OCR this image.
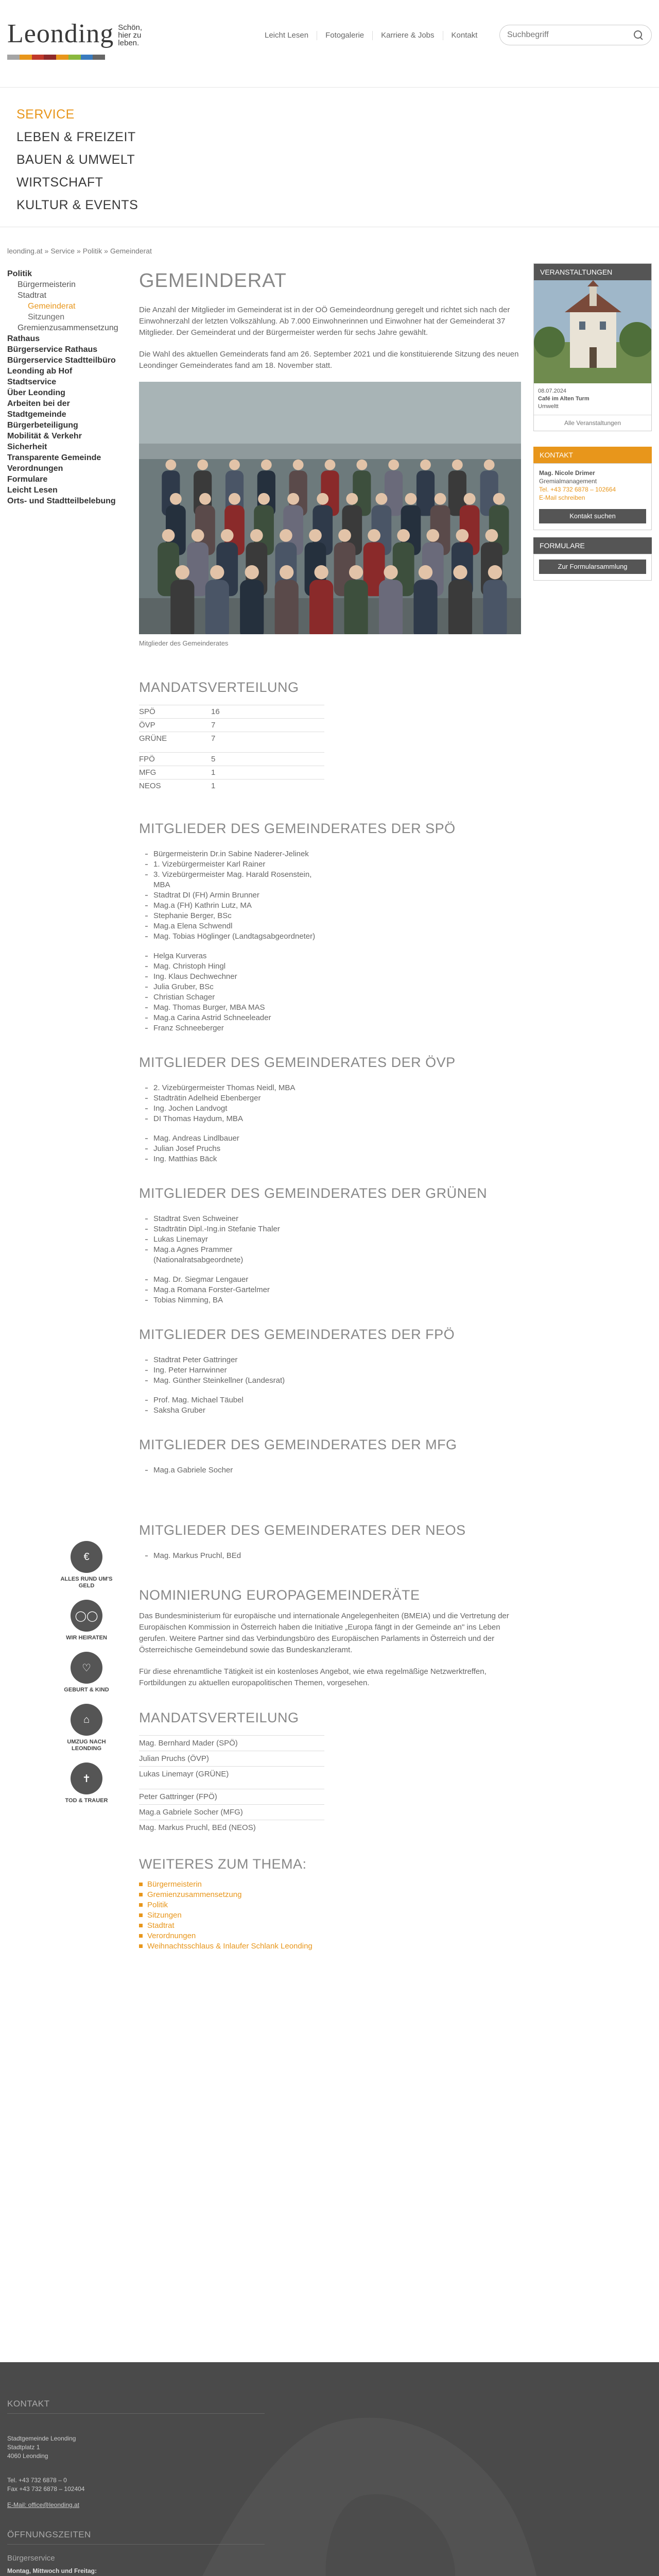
Leonding Schön,
hier zu
leben.
Leicht Lesen	Fotogalerie	Karriere & Jobs	Kontakt
Suchbegriff
SERVICE
LEBEN & FREIZEIT
BAUEN & UMWELT
WIRTSCHAFT
KULTUR & EVENTS
leonding.at » Service » Politik » Gemeinderat
Politik
Bürgermeisterin
Stadtrat
Gemeinderat
Sitzungen
Gremienzusammensetzung
Rathaus
Bürgerservice Rathaus
Bürgerservice Stadtteilbüro
Leonding ab Hof
Stadtservice
Über Leonding
Arbeiten bei der Stadtgemeinde
Bürgerbeteiligung
Mobilität & Verkehr
Sicherheit
Transparente Gemeinde
Verordnungen
Formulare
Leicht Lesen
Orts- und Stadtteilbelebung
€
ALLES RUND UM'S GELD
◯◯
WIR HEIRATEN
♡
GEBURT & KIND
⌂
UMZUG NACH LEONDING
✝
TOD & TRAUER
GEMEINDERAT

Die Anzahl der Mitglieder im Gemeinderat ist in der OÖ Gemeindeordnung geregelt und richtet sich nach der Einwohnerzahl der letzten Volkszählung. Ab 7.000 Einwohnerinnen und Einwohner hat der Gemeinderat 37 Mitglieder. Der Gemeinderat und der Bürgermeister werden für sechs Jahre gewählt.

Die Wahl des aktuellen Gemeinderats fand am 26. September 2021 und die konstituierende Sitzung des neuen Leondinger Gemeinderates fand am 18. November statt.

Mitglieder des Gemeinderates
MANDATSVERTEILUNG
SPÖ	16
ÖVP	7
GRÜNE	7
FPÖ	5
MFG	1
NEOS	1
MITGLIEDER DES GEMEINDERATES DER SPÖ
Bürgermeisterin Dr.in Sabine Naderer-Jelinek
1. Vizebürgermeister Karl Rainer
3. Vizebürgermeister Mag. Harald Rosenstein, MBA
Stadtrat DI (FH) Armin Brunner
Mag.a (FH) Kathrin Lutz, MA
Stephanie Berger, BSc
Mag.a Elena Schwendl
Mag. Tobias Höglinger (Landtagsabgeordneter)
Helga Kurveras
Mag. Christoph Hingl
Ing. Klaus Dechwechner
Julia Gruber, BSc
Christian Schager
Mag. Thomas Burger, MBA MAS
Mag.a Carina Astrid Schneeleader
Franz Schneeberger
MITGLIEDER DES GEMEINDERATES DER ÖVP
2. Vizebürgermeister Thomas Neidl, MBA
Stadträtin Adelheid Ebenberger
Ing. Jochen Landvogt
DI Thomas Haydum, MBA
Mag. Andreas Lindlbauer
Julian Josef Pruchs
Ing. Matthias Bäck
MITGLIEDER DES GEMEINDERATES DER GRÜNEN
Stadtrat Sven Schweiner
Stadträtin Dipl.-Ing.in Stefanie Thaler
Lukas Linemayr
Mag.a Agnes Prammer (Nationalratsabgeordnete)
Mag. Dr. Siegmar Lengauer
Mag.a Romana Forster-Gartelmer
Tobias Nimming, BA
MITGLIEDER DES GEMEINDERATES DER FPÖ
Stadtrat Peter Gattringer
Ing. Peter Harrwinner
Mag. Günther Steinkellner (Landesrat)
Prof. Mag. Michael Täubel
Saksha Gruber
MITGLIEDER DES GEMEINDERATES DER MFG
Mag.a Gabriele Socher
MITGLIEDER DES GEMEINDERATES DER NEOS
Mag. Markus Pruchl, BEd
NOMINIERUNG EUROPAGEMEINDERÄTE

Das Bundesministerium für europäische und internationale Angelegenheiten (BMEIA) und die Vertretung der Europäischen Kommission in Österreich haben die Initiative „Europa fängt in der Gemeinde an" ins Leben gerufen. Weitere Partner sind das Verbindungsbüro des Europäischen Parlaments in Österreich und der Österreichische Gemeindebund sowie das Bundeskanzleramt.

Für diese ehrenamtliche Tätigkeit ist ein kostenloses Angebot, wie etwa regelmäßige Netzwerktreffen, Fortbildungen zu aktuellen europapolitischen Themen, vorgesehen.

MANDATSVERTEILUNG
Mag. Bernhard Mader (SPÖ)
Julian Pruchs (ÖVP)
Lukas Linemayr (GRÜNE)
Peter Gattringer (FPÖ)
Mag.a Gabriele Socher (MFG)
Mag. Markus Pruchl, BEd (NEOS)
WEITERES ZUM THEMA:
Bürgermeisterin
Gremienzusammensetzung
Politik
Sitzungen
Stadtrat
Verordnungen
Weihnachtsschlaus & Inlaufer Schlank Leonding
VERANSTALTUNGEN
08.07.2024
Café im Alten Turm
Umweltt
Alle Veranstaltungen
KONTAKT
Mag. Nicole Drimer
Gremialmanagement
Tel. +43 732 6878 – 102664
E-Mail schreiben
Kontakt suchen
FORMULARE
Zur Formularsammlung
KONTAKT
Stadtgemeinde Leonding
Stadtplatz 1
4060 Leonding
Tel. +43 732 6878 – 0
Fax +43 732 6878 – 102404
E-Mail: office@leonding.at
ÖFFNUNGSZEITEN
Bürgerservice
Montag, Mittwoch und Freitag:
